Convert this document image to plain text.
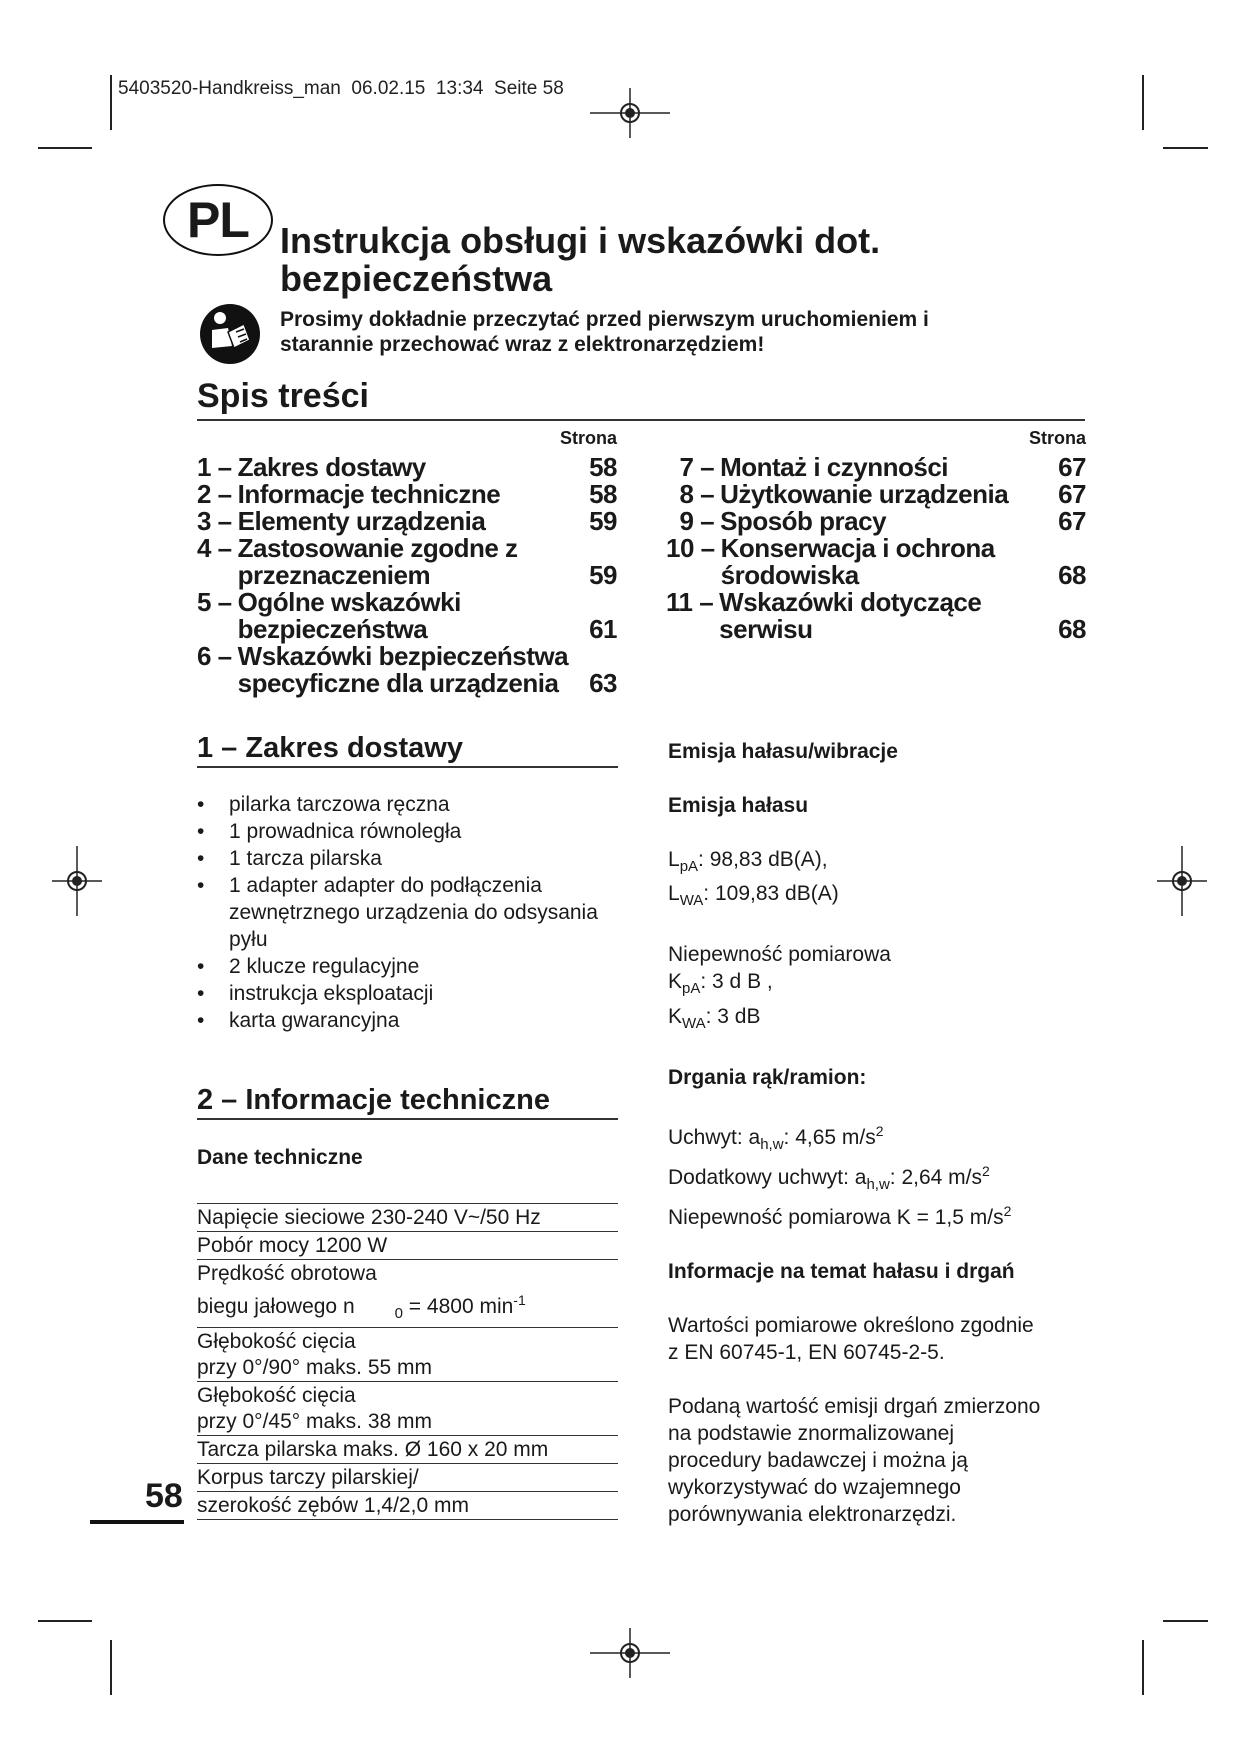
5403520-Handkreiss_man  06.02.15  13:34  Seite 58
PL Instrukcja obsługi i wskazówki dot.
bezpieczeństwa
Prosimy dokładnie przeczytać przed pierwszym uruchomieniem i
starannie przechować wraz z elektronarzędziem!
Spis treści
Strona
1 – Zakres dostawy	58
2 – Informacje techniczne	58
3 – Elementy urządzenia	59
4 – Zastosowanie zgodne z
przeznaczeniem	59
5 – Ogólne wskazówki
bezpieczeństwa	61
6 – Wskazówki bezpieczeństwa
specyficzne dla urządzenia	63
Strona
7 – Montaż i czynności	67
8 – Użytkowanie urządzenia	67
9 – Sposób pracy	67
10 – Konserwacja i ochrona
środowiska	68
11 – Wskazówki dotyczące
serwisu	68
1 – Zakres dostawy
• pilarka tarczowa ręczna
• 1 prowadnica równoległa
• 1 tarcza pilarska
• 1 adapter adapter do podłączenia zewnętrznego urządzenia do odsysania pyłu
• 2 klucze regulacyjne
• instrukcja eksploatacji
• karta gwarancyjna
2 – Informacje techniczne
Dane techniczne
Napięcie sieciowe 230-240 V~/50 Hz
Pobór mocy 1200 W
Prędkość obrotowa
biegu jałowego n	$_0$ = 4800 $\min^{-1}$
Głębokość cięcia
przy 0°/90° maks. 55 mm
Głębokość cięcia
przy 0°/45° maks. 38 mm
Tarcza pilarska maks. Ø 160 x 20 mm
Korpus tarczy pilarskiej/
szerokość zębów 1,4/2,0 mm
58
Emisja hałasu/wibracje
Emisja hałasu
$L_{pA}$: 98,83 dB(A),
$L_{WA}$: 109,83 dB(A)
Niepewność pomiarowa
$K_{pA}$: 3 d B ,
$K_{WA}$: 3 dB
Drgania rąk/ramion:
Uchwyt: $a_{h,w}$: 4,65 $m/s^2$
Dodatkowy uchwyt: $a_{h,w}$: 2,64 $m/s^2$
Niepewność pomiarowa K = 1,5 $m/s^2$
Informacje na temat hałasu i drgań
Wartości pomiarowe określono zgodnie
z EN 60745-1, EN 60745-2-5.
Podaną wartość emisji drgań zmierzono
na podstawie znormalizowanej
procedury badawczej i można ją
wykorzystywać do wzajemnego
porównywania elektronarzędzi.
